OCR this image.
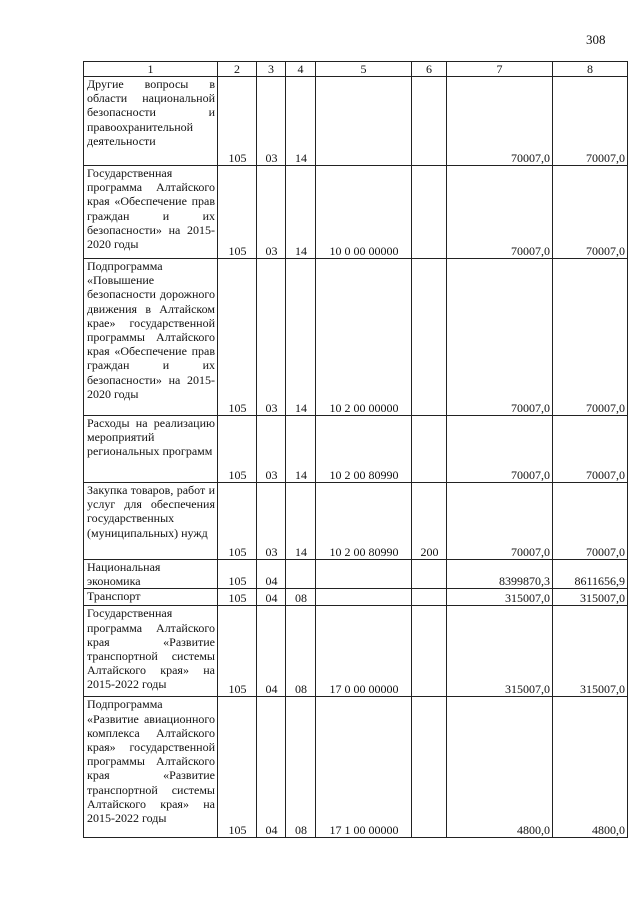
308
1	2	3	4	5	6	7	8
Другие вопросы в области национальной безопасности и правоохранительной деятельности	105	03	14			70007,0	70007,0
Государственная программа Алтайского края «Обеспечение прав граждан и их безопасности» на 2015-2020 годы	105	03	14	10 0 00 00000		70007,0	70007,0
Подпрограмма «Повышение безопасности дорожного движения в Алтайском крае» государственной программы Алтайского края «Обеспечение прав граждан и их безопасности» на 2015-2020 годы	105	03	14	10 2 00 00000		70007,0	70007,0
Расходы на реализацию мероприятий региональных программ	105	03	14	10 2 00 80990		70007,0	70007,0
Закупка товаров, работ и услуг для обеспечения государственных (муниципальных) нужд	105	03	14	10 2 00 80990	200	70007,0	70007,0
Национальная экономика	105	04				8399870,3	8611656,9
Транспорт	105	04	08			315007,0	315007,0
Государственная программа Алтайского края «Развитие транспортной системы Алтайского края» на 2015-2022 годы	105	04	08	17 0 00 00000		315007,0	315007,0
Подпрограмма «Развитие авиационного комплекса Алтайского края» государственной программы Алтайского края «Развитие транспортной системы Алтайского края» на 2015-2022 годы	105	04	08	17 1 00 00000		4800,0	4800,0
